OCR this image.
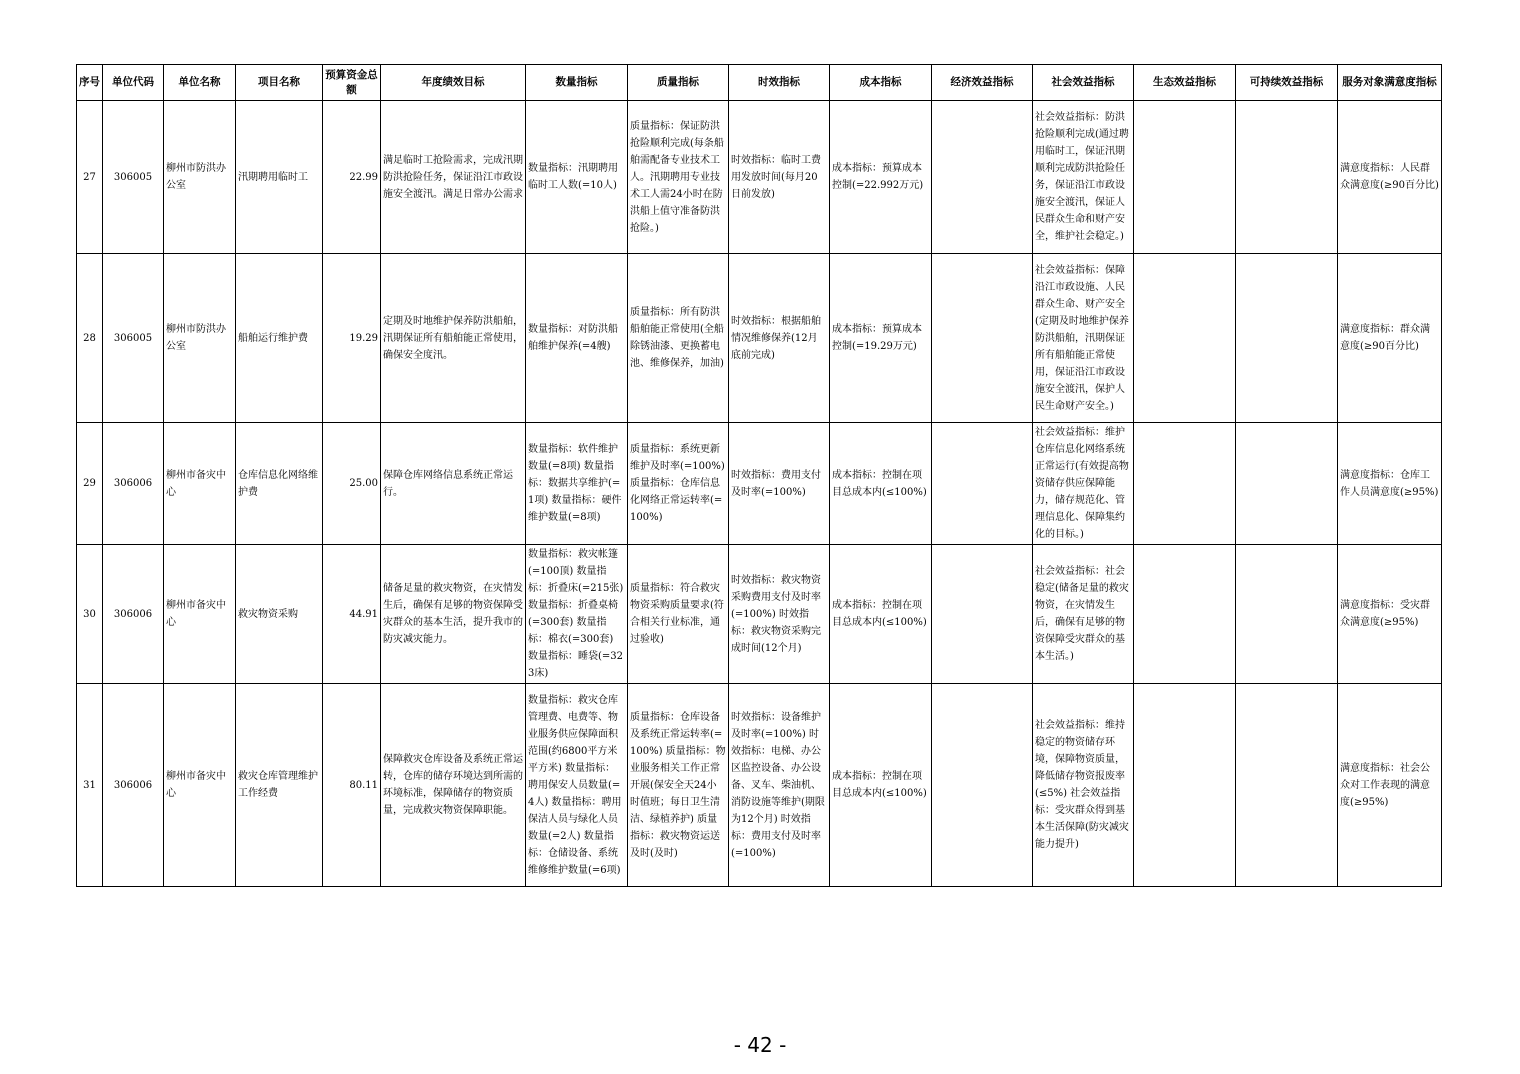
序号	单位代码	单位名称	项目名称	预算资金总额	年度绩效目标	数量指标	质量指标	时效指标	成本指标	经济效益指标	社会效益指标	生态效益指标	可持续效益指标	服务对象满意度指标
27	306005	柳州市防洪办公室	汛期聘用临时工	22.99	满足临时工抢险需求，完成汛期防洪抢险任务，保证沿江市政设施安全渡汛。满足日常办公需求	数量指标：汛期聘用临时工人数(=10人)	质量指标：保证防洪抢险顺利完成(每条船舶需配备专业技术工人。汛期聘用专业技术工人需24小时在防洪船上值守准备防洪抢险。)	时效指标：临时工费用发放时间(每月20日前发放)	成本指标：预算成本控制(=22.992万元)		社会效益指标：防洪抢险顺利完成(通过聘用临时工，保证汛期顺利完成防洪抢险任务，保证沿江市政设施安全渡汛，保证人民群众生命和财产安全，维护社会稳定。)			满意度指标：人民群众满意度(≥90百分比)
28	306005	柳州市防洪办公室	船舶运行维护费	19.29	定期及时地维护保养防洪船舶，汛期保证所有船舶能正常使用，确保安全度汛。	数量指标：对防洪船舶维护保养(=4艘)	质量指标：所有防洪船舶能正常使用(全船除锈油漆、更换蓄电池、维修保养，加油)	时效指标：根据船舶情况维修保养(12月底前完成)	成本指标：预算成本控制(=19.29万元)		社会效益指标：保障沿江市政设施、人民群众生命、财产安全(定期及时地维护保养防洪船舶，汛期保证所有船舶能正常使用，保证沿江市政设施安全渡汛，保护人民生命财产安全。)			满意度指标：群众满意度(≥90百分比)
29	306006	柳州市备灾中心	仓库信息化网络维护费	25.00	保障仓库网络信息系统正常运行。	数量指标：软件维护数量(=8项) 数量指标：数据共享维护(=1项) 数量指标：硬件维护数量(=8项)	质量指标：系统更新维护及时率(=100%) 质量指标：仓库信息化网络正常运转率(=100%)	时效指标：费用支付及时率(=100%)	成本指标：控制在项目总成本内(≤100%)		社会效益指标：维护仓库信息化网络系统正常运行(有效提高物资储存供应保障能力，储存规范化、管理信息化、保障集约化的目标。)			满意度指标：仓库工作人员满意度(≥95%)
30	306006	柳州市备灾中心	救灾物资采购	44.91	储备足量的救灾物资，在灾情发生后，确保有足够的物资保障受灾群众的基本生活，提升我市的防灾减灾能力。	数量指标：救灾帐篷(=100顶) 数量指标：折叠床(=215张) 数量指标：折叠桌椅(=300套) 数量指标：棉衣(=300套) 数量指标：睡袋(=323床)	质量指标：符合救灾物资采购质量要求(符合相关行业标准，通过验收)	时效指标：救灾物资采购费用支付及时率(=100%) 时效指标：救灾物资采购完成时间(12个月)	成本指标：控制在项目总成本内(≤100%)		社会效益指标：社会稳定(储备足量的救灾物资，在灾情发生后，确保有足够的物资保障受灾群众的基本生活。)			满意度指标：受灾群众满意度(≥95%)
31	306006	柳州市备灾中心	救灾仓库管理维护工作经费	80.11	保障救灾仓库设备及系统正常运转，仓库的储存环境达到所需的环境标准，保障储存的物资质量，完成救灾物资保障职能。	数量指标：救灾仓库管理费、电费等、物业服务供应保障面积范围(约6800平方米平方米) 数量指标：聘用保安人员数量(=4人) 数量指标：聘用保洁人员与绿化人员数量(=2人) 数量指标：仓储设备、系统维修维护数量(=6项)	质量指标：仓库设备及系统正常运转率(=100%) 质量指标：物业服务相关工作正常开展(保安全天24小时值班；每日卫生清洁、绿植养护) 质量指标：救灾物资运送及时(及时)	时效指标：设备维护及时率(=100%) 时效指标：电梯、办公区监控设备、办公设备、叉车、柴油机、消防设施等维护(期限为12个月) 时效指标：费用支付及时率(=100%)	成本指标：控制在项目总成本内(≤100%)		社会效益指标：维持稳定的物资储存环境，保障物资质量，降低储存物资报废率(≤5%) 社会效益指标：受灾群众得到基本生活保障(防灾减灾能力提升)			满意度指标：社会公众对工作表现的满意度(≥95%)
- 42 -
